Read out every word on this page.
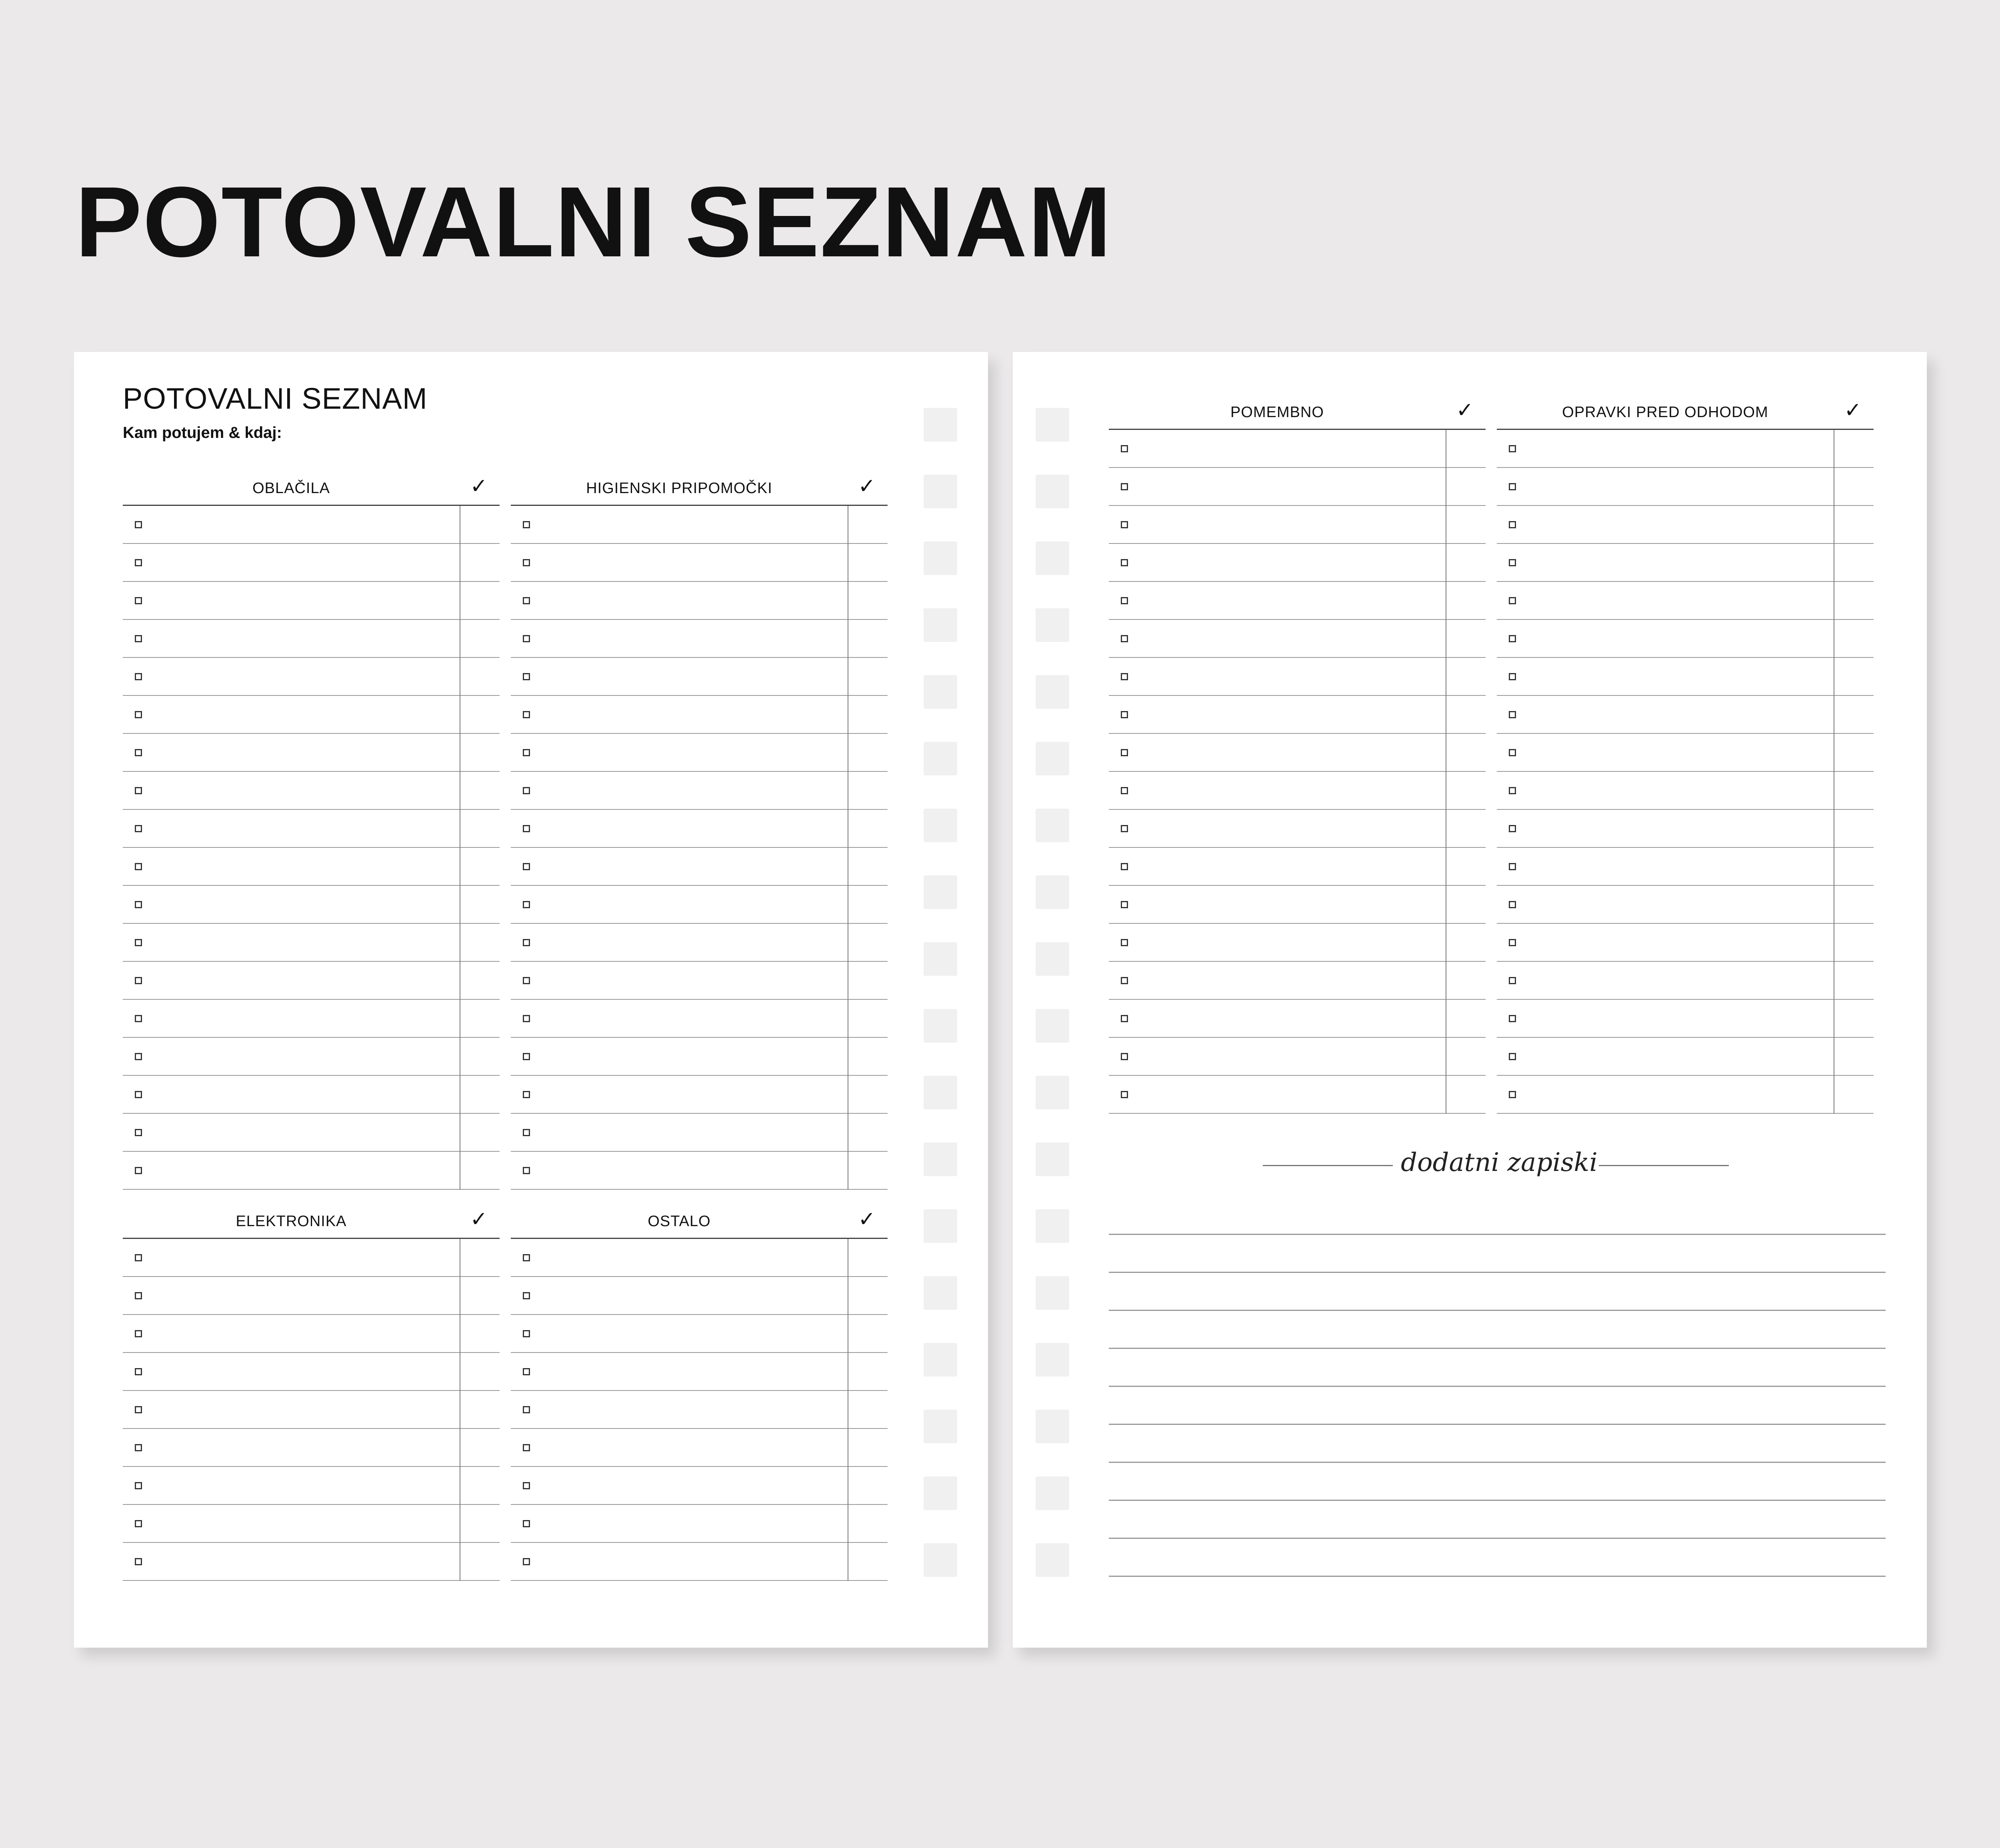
POTOVALNI SEZNAM
POTOVALNI SEZNAM
Kam potujem & kdaj:
OBLAČILA	✓	HIGIENSKI PRIPOMOČKI	✓
ELEKTRONIKA	✓	OSTALO	✓
POMEMBNO	✓	OPRAVKI PRED ODHODOM	✓
dodatni zapiski
